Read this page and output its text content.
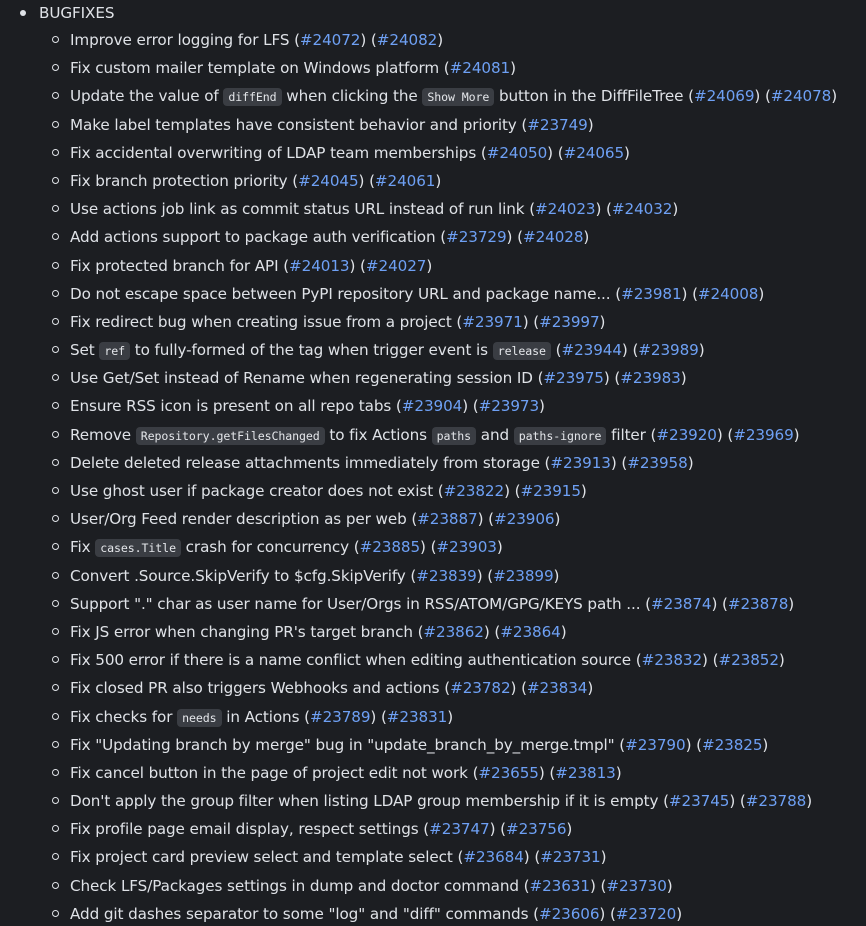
BUGFIXES
Improve error logging for LFS (#24072) (#24082)
Fix custom mailer template on Windows platform (#24081)
Update the value of diffEnd when clicking the Show More button in the DiffFileTree (#24069) (#24078)
Make label templates have consistent behavior and priority (#23749)
Fix accidental overwriting of LDAP team memberships (#24050) (#24065)
Fix branch protection priority (#24045) (#24061)
Use actions job link as commit status URL instead of run link (#24023) (#24032)
Add actions support to package auth verification (#23729) (#24028)
Fix protected branch for API (#24013) (#24027)
Do not escape space between PyPI repository URL and package name... (#23981) (#24008)
Fix redirect bug when creating issue from a project (#23971) (#23997)
Set ref to fully-formed of the tag when trigger event is release (#23944) (#23989)
Use Get/Set instead of Rename when regenerating session ID (#23975) (#23983)
Ensure RSS icon is present on all repo tabs (#23904) (#23973)
Remove Repository.getFilesChanged to fix Actions paths and paths-ignore filter (#23920) (#23969)
Delete deleted release attachments immediately from storage (#23913) (#23958)
Use ghost user if package creator does not exist (#23822) (#23915)
User/Org Feed render description as per web (#23887) (#23906)
Fix cases.Title crash for concurrency (#23885) (#23903)
Convert .Source.SkipVerify to $cfg.SkipVerify (#23839) (#23899)
Support "." char as user name for User/Orgs in RSS/ATOM/GPG/KEYS path ... (#23874) (#23878)
Fix JS error when changing PR's target branch (#23862) (#23864)
Fix 500 error if there is a name conflict when editing authentication source (#23832) (#23852)
Fix closed PR also triggers Webhooks and actions (#23782) (#23834)
Fix checks for needs in Actions (#23789) (#23831)
Fix "Updating branch by merge" bug in "update_branch_by_merge.tmpl" (#23790) (#23825)
Fix cancel button in the page of project edit not work (#23655) (#23813)
Don't apply the group filter when listing LDAP group membership if it is empty (#23745) (#23788)
Fix profile page email display, respect settings (#23747) (#23756)
Fix project card preview select and template select (#23684) (#23731)
Check LFS/Packages settings in dump and doctor command (#23631) (#23730)
Add git dashes separator to some "log" and "diff" commands (#23606) (#23720)
